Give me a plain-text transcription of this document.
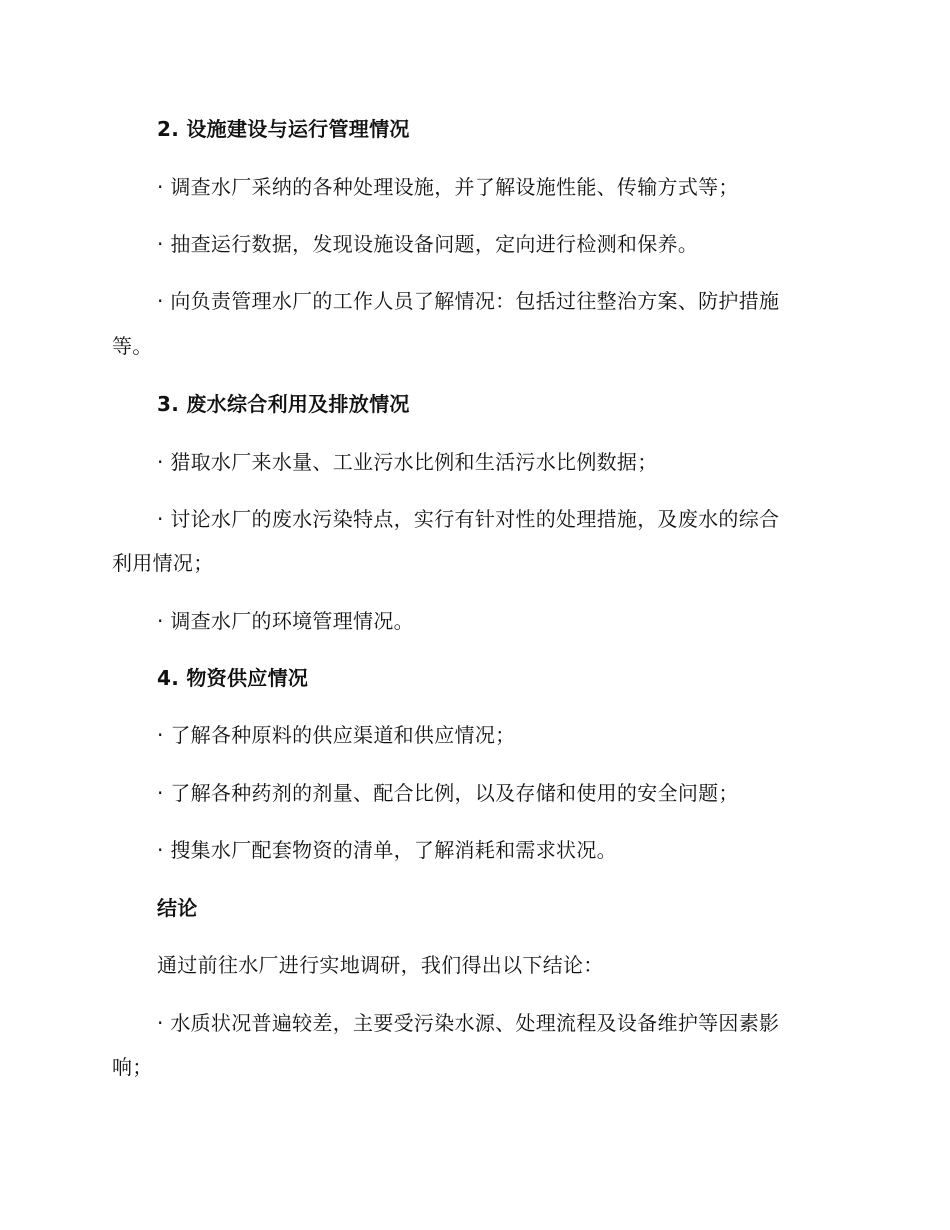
2. 设施建设与运行管理情况
· 调查水厂采纳的各种处理设施，并了解设施性能、传输方式等；
· 抽查运行数据，发现设施设备问题，定向进行检测和保养。
· 向负责管理水厂的工作人员了解情况：包括过往整治方案、防护措施
等。
3. 废水综合利用及排放情况
· 猎取水厂来水量、工业污水比例和生活污水比例数据；
· 讨论水厂的废水污染特点，实行有针对性的处理措施，及废水的综合
利用情况；
· 调查水厂的环境管理情况。
4. 物资供应情况
· 了解各种原料的供应渠道和供应情况；
· 了解各种药剂的剂量、配合比例，以及存储和使用的安全问题；
· 搜集水厂配套物资的清单，了解消耗和需求状况。
结论
通过前往水厂进行实地调研，我们得出以下结论：
· 水质状况普遍较差，主要受污染水源、处理流程及设备维护等因素影
响；
